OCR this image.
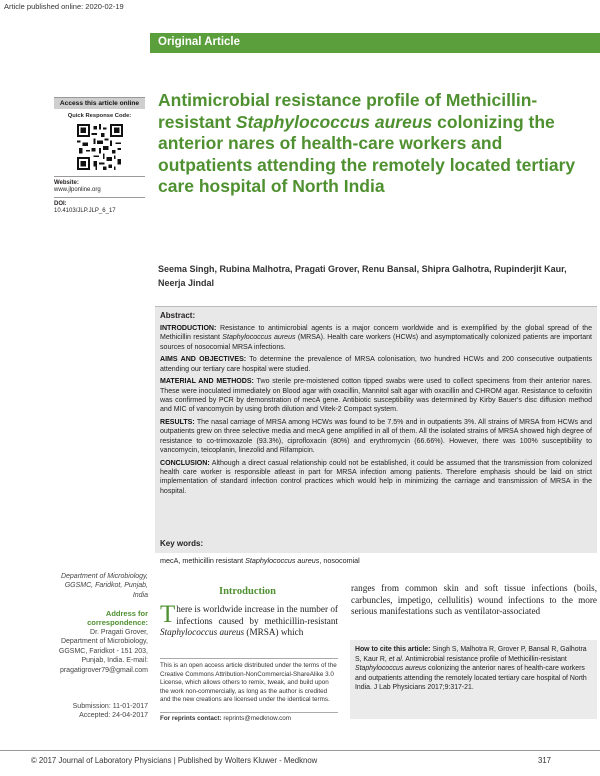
Article published online: 2020-02-19
Original Article
Access this article online
Quick Response Code:
Website:
www.jlponline.org
DOI:
10.4103/JLP.JLP_6_17
Antimicrobial resistance profile of Methicillin-resistant Staphylococcus aureus colonizing the anterior nares of health-care workers and outpatients attending the remotely located tertiary care hospital of North India
Seema Singh, Rubina Malhotra, Pragati Grover, Renu Bansal, Shipra Galhotra, Rupinderjit Kaur, Neerja Jindal
Abstract:

INTRODUCTION: Resistance to antimicrobial agents is a major concern worldwide and is exemplified by the global spread of the Methicillin resistant Staphylococcus aureus (MRSA). Health care workers (HCWs) and asymptomatically colonized patients are important sources of nosocomial MRSA infections.

AIMS AND OBJECTIVES: To determine the prevalence of MRSA colonisation, two hundred HCWs and 200 consecutive outpatients attending our tertiary care hospital were studied.

MATERIAL AND METHODS: Two sterile pre-moistened cotton tipped swabs were used to collect specimens from their anterior nares. These were inoculated immediately on Blood agar with oxacillin, Mannitol salt agar with oxacillin and CHROM agar. Resistance to cefoxitin was confirmed by PCR by demonstration of mecA gene. Antibiotic susceptibility was determined by Kirby Bauer's disc diffusion method and MIC of vancomycin by using broth dilution and Vitek-2 Compact system.

RESULTS: The nasal carriage of MRSA among HCWs was found to be 7.5% and in outpatients 3%. All strains of MRSA from HCWs and outpatients grew on three selective media and mecA gene amplified in all of them. All the isolated strains of MRSA showed high degree of resistance to co-trimoxazole (93.3%), ciprofloxacin (80%) and erythromycin (66.66%). However, there was 100% susceptibility to vancomycin, teicoplanin, linezolid and Rifampicin.

CONCLUSION: Although a direct casual relationship could not be established, it could be assumed that the transmission from colonized health care worker is responsible atleast in part for MRSA infection among patients. Therefore emphasis should be laid on strict implementation of standard infection control practices which would help in minimizing the carriage and transmission of MRSA in the hospital.

Key words:
mecA, methicillin resistant Staphylococcus aureus, nosocomial
Department of Microbiology, GGSMC, Faridkot, Punjab, India
Address for correspondence:
Dr. Pragati Grover, Department of Microbiology, GGSMC, Faridkot - 151 203, Punjab, India. E-mail: pragatigrover79@gmail.com
Submission: 11-01-2017
Accepted: 24-04-2017
Introduction
There is worldwide increase in the number of infections caused by methicillin-resistant Staphylococcus aureus (MRSA) which
This is an open access article distributed under the terms of the Creative Commons Attribution-NonCommercial-ShareAlike 3.0 License, which allows others to remix, tweak, and build upon the work non-commercially, as long as the author is credited and the new creations are licensed under the identical terms.
For reprints contact: reprints@medknow.com
ranges from common skin and soft tissue infections (boils, carbuncles, impetigo, cellulitis) wound infections to the more serious manifestations such as ventilator-associated
How to cite this article: Singh S, Malhotra R, Grover P, Bansal R, Galhotra S, Kaur R, et al. Antimicrobial resistance profile of Methicillin-resistant Staphylococcus aureus colonizing the anterior nares of health-care workers and outpatients attending the remotely located tertiary care hospital of North India. J Lab Physicians 2017;9:317-21.
© 2017 Journal of Laboratory Physicians | Published by Wolters Kluwer - Medknow	317
